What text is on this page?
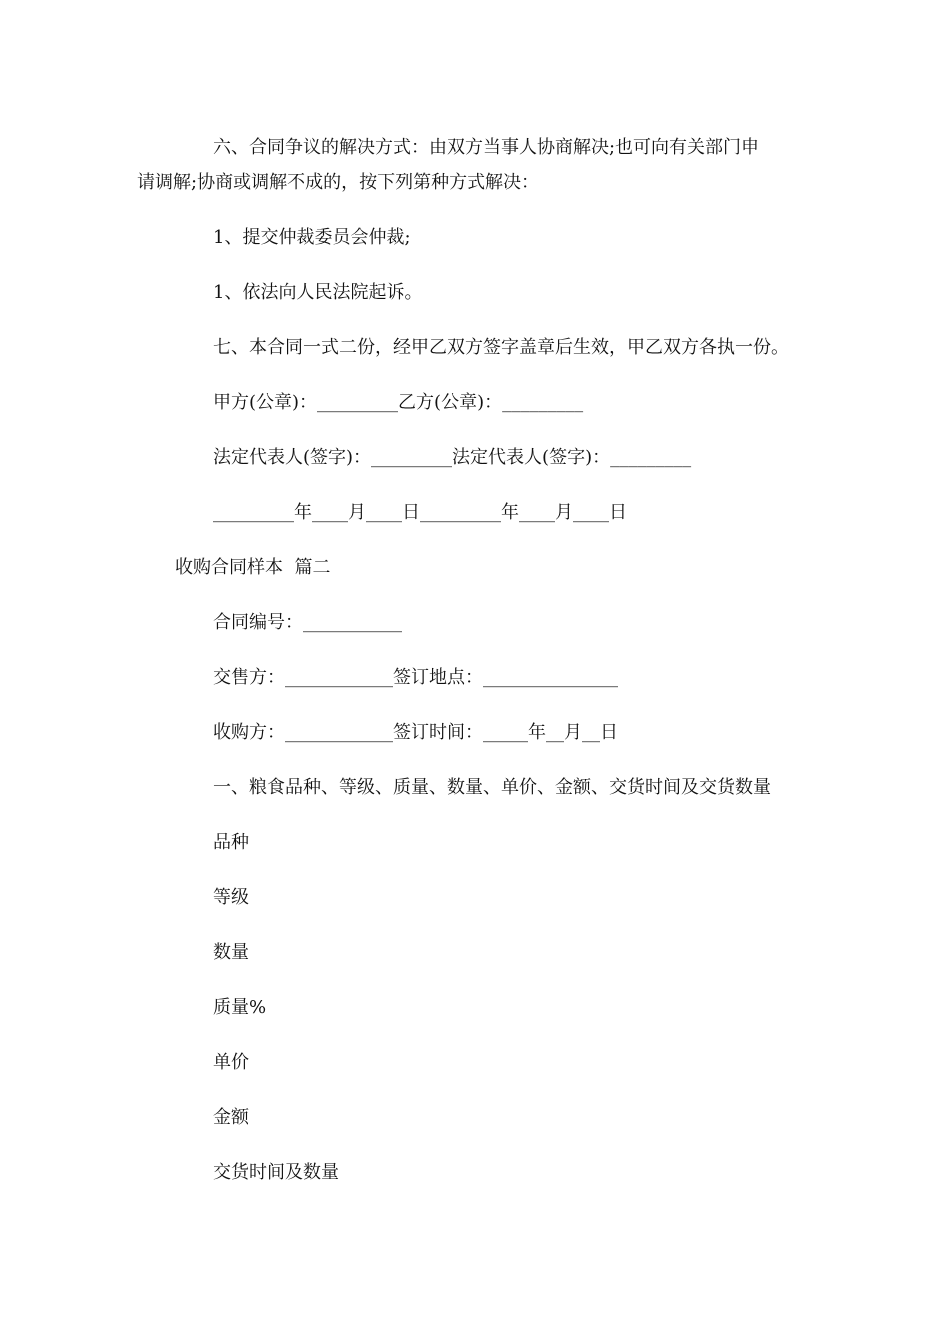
六、合同争议的解决方式：由双方当事人协商解决;也可向有关部门申
请调解;协商或调解不成的，按下列第种方式解决：
1、提交仲裁委员会仲裁;
1、依法向人民法院起诉。
七、本合同一式二份，经甲乙双方签字盖章后生效，甲乙双方各执一份。
甲方(公章)：_________乙方(公章)：_________
法定代表人(签字)：_________法定代表人(签字)：_________
_________年____月____日_________年____月____日
收购合同样本  篇二
合同编号：___________
交售方：____________签订地点：_______________
收购方：____________签订时间：_____年__月__日
一、粮食品种、等级、质量、数量、单价、金额、交货时间及交货数量
品种
等级
数量
质量%
单价
金额
交货时间及数量
